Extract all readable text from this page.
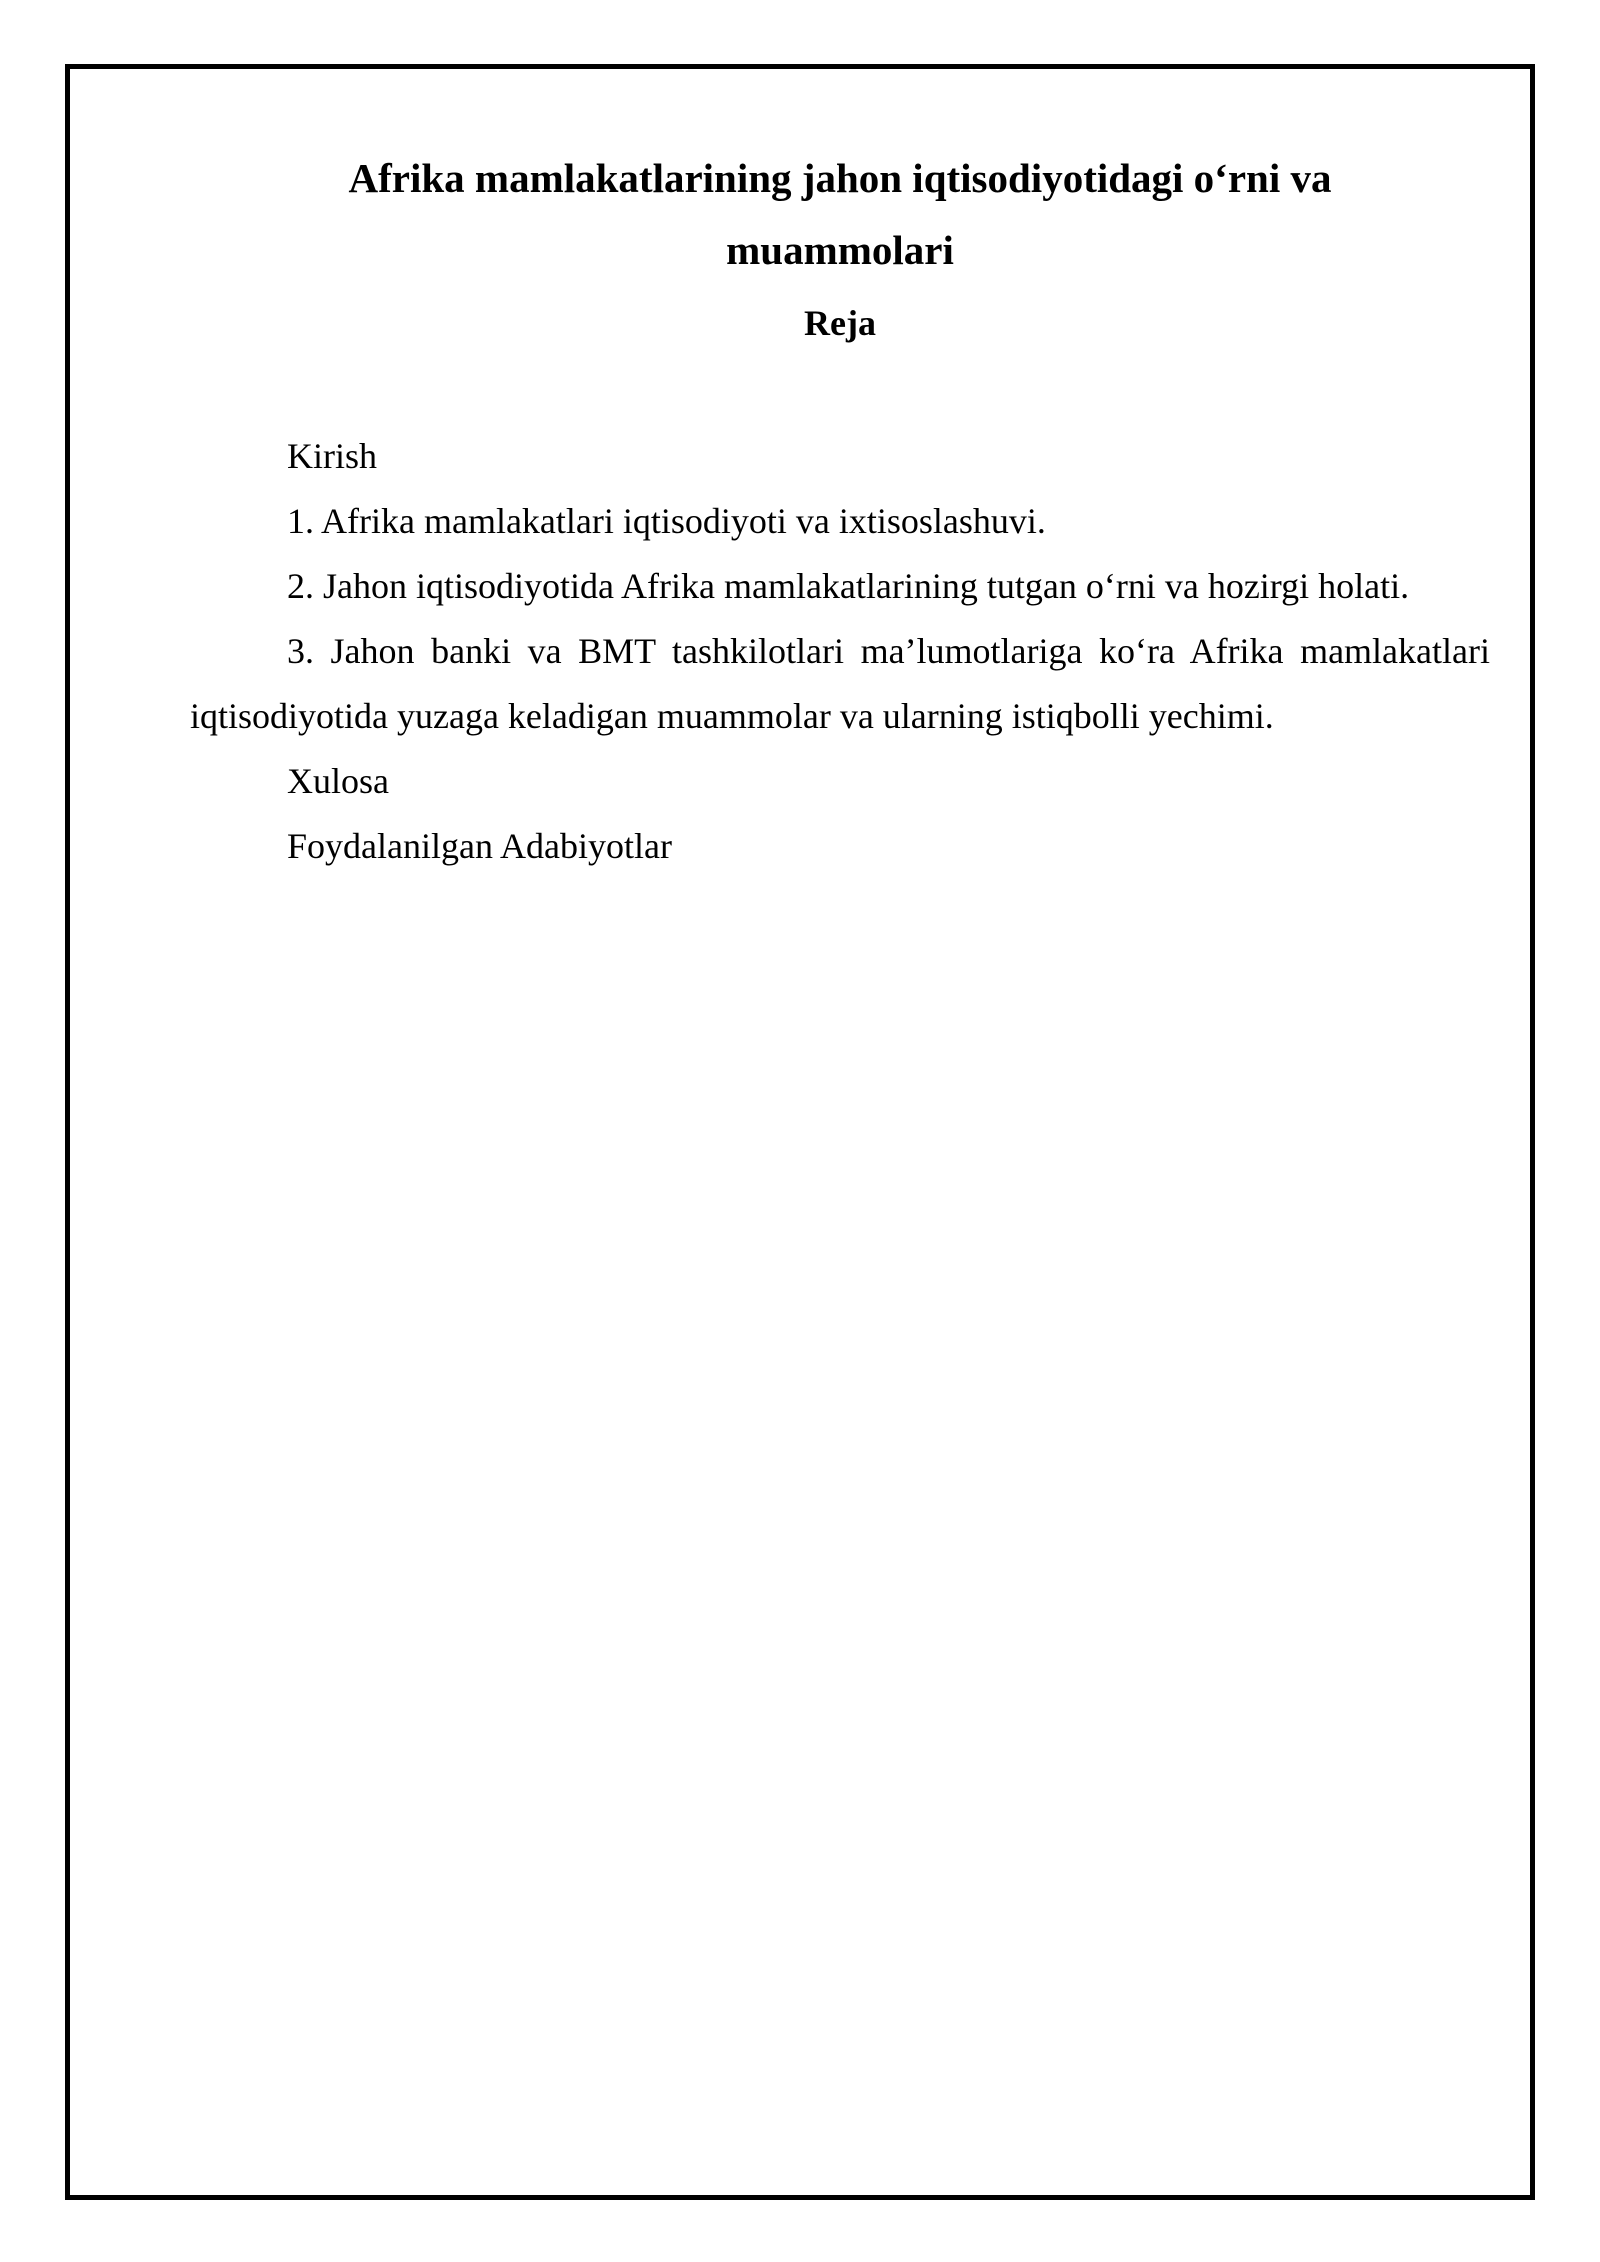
Afrika mamlakatlarining jahon iqtisodiyotidagi oʻrni va
muammolari
Reja
Kirish
1. Afrika mamlakatlari iqtisodiyoti va ixtisoslashuvi.
2. Jahon iqtisodiyotida Afrika mamlakatlarining tutgan oʻrni va hozirgi holati.
3. Jahon banki va BMT tashkilotlari ma’lumotlariga koʻra Afrika mamlakatlari iqtisodiyotida yuzaga keladigan muammolar va ularning istiqbolli yechimi.
Xulosa
Foydalanilgan Adabiyotlar
